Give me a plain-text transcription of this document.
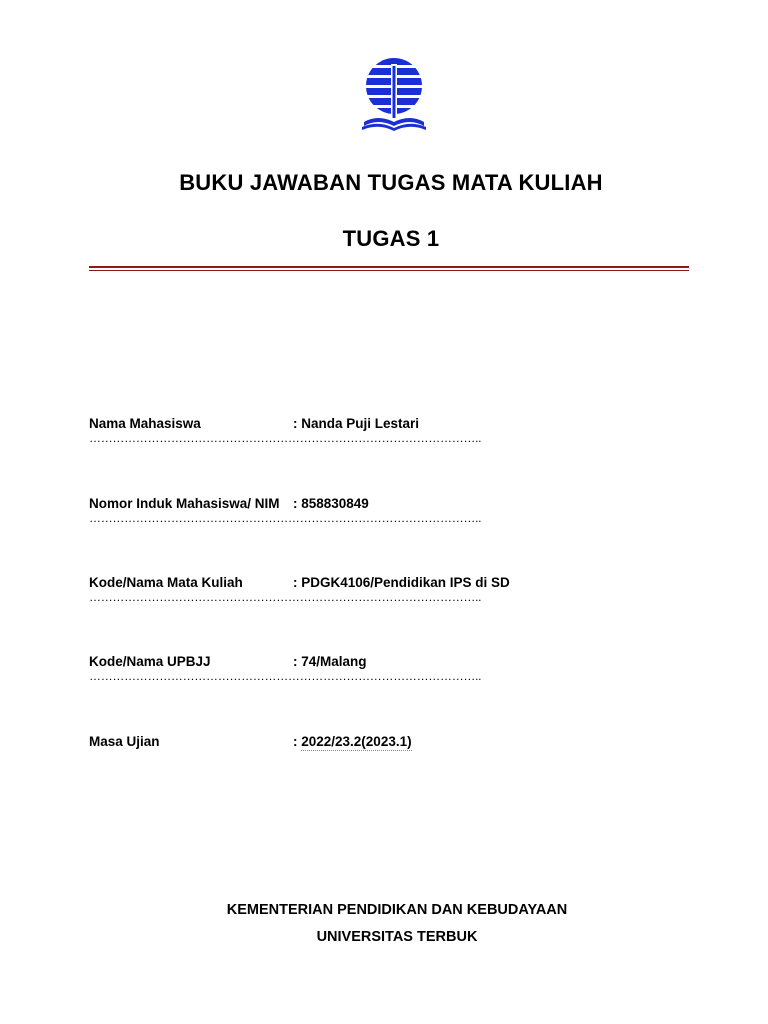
BUKU JAWABAN TUGAS MATA KULIAH
TUGAS 1
Nama Mahasiswa	: Nanda Puji Lestari
………………………………………………………………………………………..
Nomor Induk Mahasiswa/ NIM : 858830849
………………………………………………………………………………………..
Kode/Nama Mata Kuliah	: PDGK4106/Pendidikan IPS di SD
………………………………………………………………………………………..
Kode/Nama UPBJJ	: 74/Malang
………………………………………………………………………………………..
Masa Ujian	: 2022/23.2(2023.1)
KEMENTERIAN PENDIDIKAN DAN KEBUDAYAAN
UNIVERSITAS TERBUK
